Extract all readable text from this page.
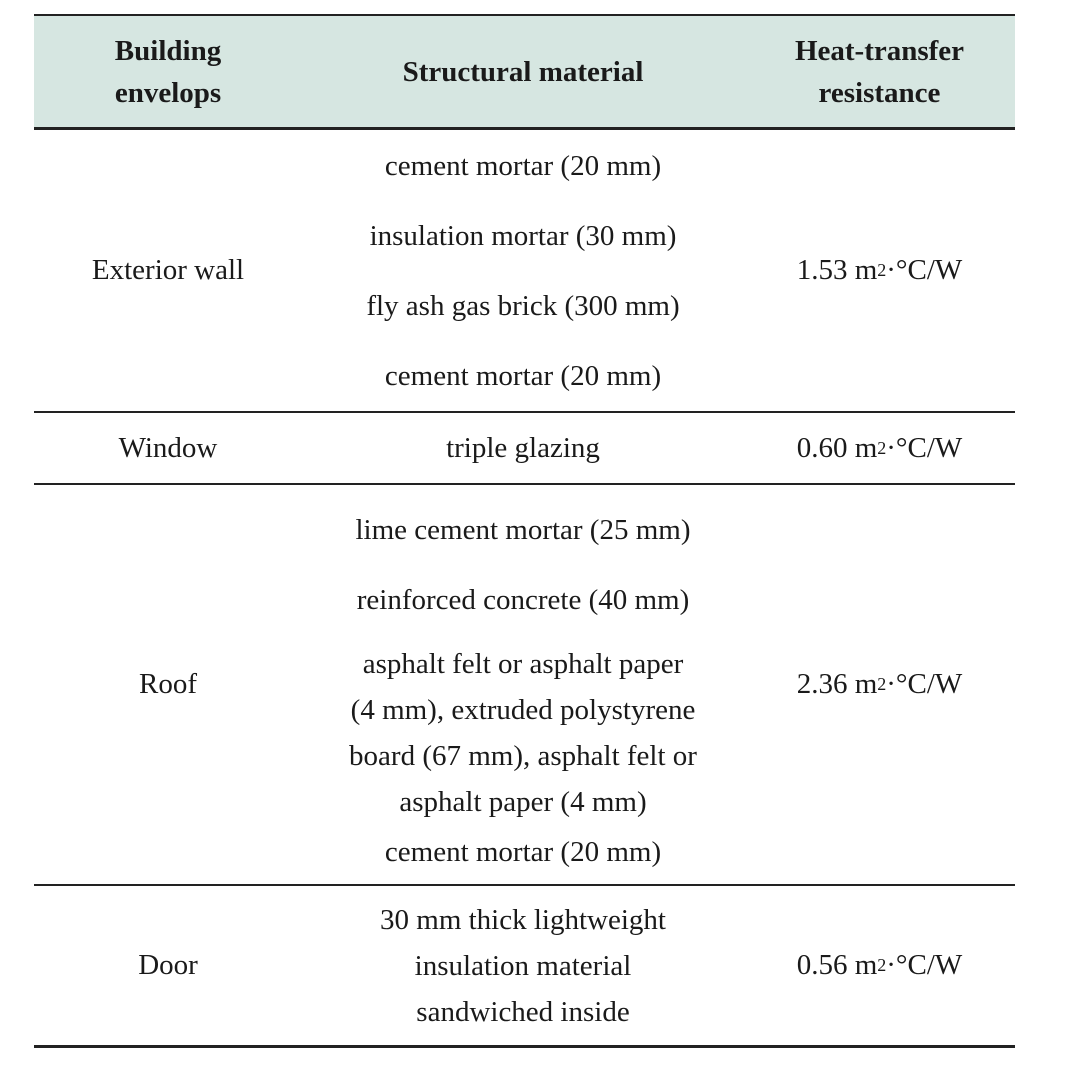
Building
envelops
Structural material
Heat-transfer
resistance
Exterior wall
cement mortar (20 mm)
insulation mortar (30 mm)
fly ash gas brick (300 mm)
cement mortar (20 mm)
1.53 m 2 ·°C/W
Window	triple glazing	0.60 m 2 ·°C/W
Roof
lime cement mortar (25 mm)
reinforced concrete (40 mm)
asphalt felt or asphalt paper
(4 mm), extruded polystyrene
board (67 mm), asphalt felt or
asphalt paper (4 mm)
cement mortar (20 mm)
2.36 m 2 ·°C/W
Door
30 mm thick lightweight
insulation material
sandwiched inside
0.56 m 2 ·°C/W
